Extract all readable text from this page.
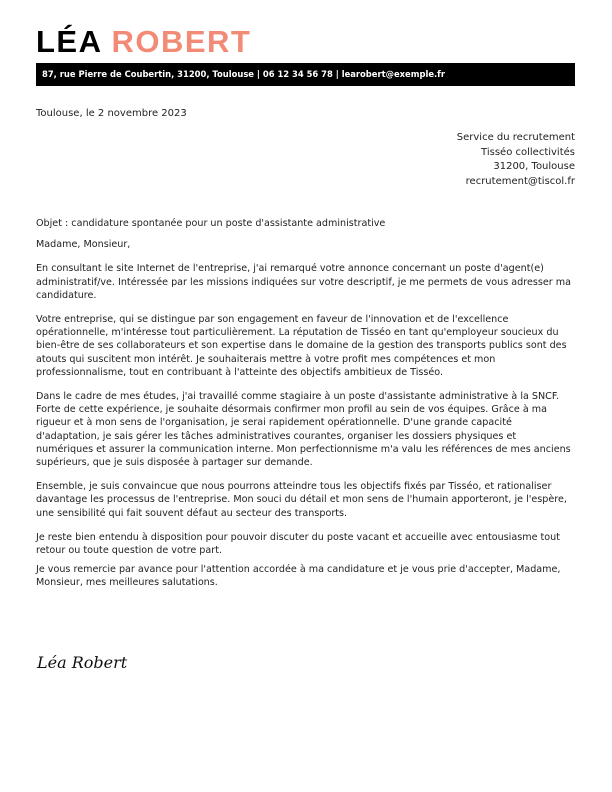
LÉA ROBERT
87, rue Pierre de Coubertin, 31200, Toulouse | 06 12 34 56 78 | learobert@exemple.fr
Toulouse, le 2 novembre 2023
Service du recrutement
Tisséo collectivités
31200, Toulouse
recrutement@tiscol.fr

Objet : candidature spontanée pour un poste d'assistante administrative

Madame, Monsieur,

En consultant le site Internet de l'entreprise, j'ai remarqué votre annonce concernant un poste d'agent(e) administratif/ve. Intéressée par les missions indiquées sur votre descriptif, je me permets de vous adresser ma candidature.

Votre entreprise, qui se distingue par son engagement en faveur de l'innovation et de l'excellence opérationnelle, m'intéresse tout particulièrement. La réputation de Tisséo en tant qu'employeur soucieux du bien-être de ses collaborateurs et son expertise dans le domaine de la gestion des transports publics sont des atouts qui suscitent mon intérêt. Je souhaiterais mettre à votre profit mes compétences et mon professionnalisme, tout en contribuant à l'atteinte des objectifs ambitieux de Tisséo.

Dans le cadre de mes études, j'ai travaillé comme stagiaire à un poste d'assistante administrative à la SNCF. Forte de cette expérience, je souhaite désormais confirmer mon profil au sein de vos équipes. Grâce à ma rigueur et à mon sens de l'organisation, je serai rapidement opérationnelle. D'une grande capacité d'adaptation, je sais gérer les tâches administratives courantes, organiser les dossiers physiques et numériques et assurer la communication interne. Mon perfectionnisme m'a valu les références de mes anciens supérieurs, que je suis disposée à partager sur demande.

Ensemble, je suis convaincue que nous pourrons atteindre tous les objectifs fixés par Tisséo, et rationaliser davantage les processus de l'entreprise. Mon souci du détail et mon sens de l'humain apporteront, je l'espère, une sensibilité qui fait souvent défaut au secteur des transports.

Je reste bien entendu à disposition pour pouvoir discuter du poste vacant et accueille avec entousiasme tout retour ou toute question de votre part.

Je vous remercie par avance pour l'attention accordée à ma candidature et je vous prie d'accepter, Madame, Monsieur, mes meilleures salutations.

Léa Robert
